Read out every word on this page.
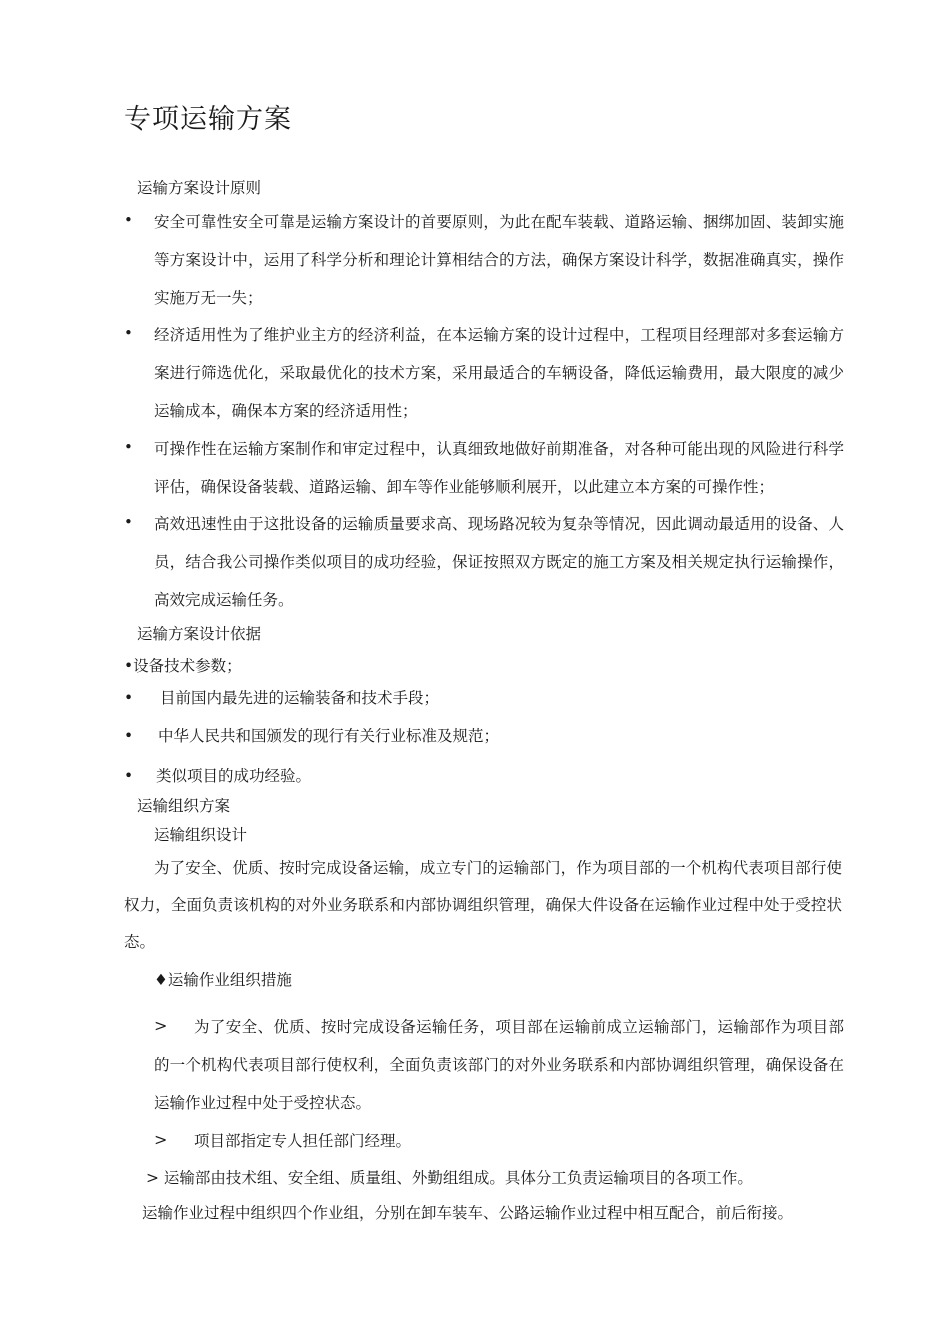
专项运输方案
运输方案设计原则
• 安全可靠性安全可靠是运输方案设计的首要原则，为此在配车装载、道路运输、捆绑加固、装卸实施等方案设计中，运用了科学分析和理论计算相结合的方法，确保方案设计科学，数据准确真实，操作实施万无一失；
• 经济适用性为了维护业主方的经济利益，在本运输方案的设计过程中，工程项目经理部对多套运输方案进行筛选优化，采取最优化的技术方案，采用最适合的车辆设备，降低运输费用，最大限度的减少运输成本，确保本方案的经济适用性；
• 可操作性在运输方案制作和审定过程中，认真细致地做好前期准备，对各种可能出现的风险进行科学评估，确保设备装载、道路运输、卸车等作业能够顺利展开，以此建立本方案的可操作性；
• 高效迅速性由于这批设备的运输质量要求高、现场路况较为复杂等情况，因此调动最适用的设备、人员，结合我公司操作类似项目的成功经验，保证按照双方既定的施工方案及相关规定执行运输操作，高效完成运输任务。
运输方案设计依据
•设备技术参数；
• 目前国内最先进的运输装备和技术手段；
• 中华人民共和国颁发的现行有关行业标准及规范；
• 类似项目的成功经验。
运输组织方案
运输组织设计
为了安全、优质、按时完成设备运输，成立专门的运输部门，作为项目部的一个机构代表项目部行使权力，全面负责该机构的对外业务联系和内部协调组织管理，确保大件设备在运输作业过程中处于受控状态。
♦运输作业组织措施
>	为了安全、优质、按时完成设备运输任务，项目部在运输前成立运输部门，运输部作为项目部的一个机构代表项目部行使权利，全面负责该部门的对外业务联系和内部协调组织管理，确保设备在运输作业过程中处于受控状态。
>	项目部指定专人担任部门经理。
> 运输部由技术组、安全组、质量组、外勤组组成。具体分工负责运输项目的各项工作。
运输作业过程中组织四个作业组，分别在卸车装车、公路运输作业过程中相互配合，前后衔接。
